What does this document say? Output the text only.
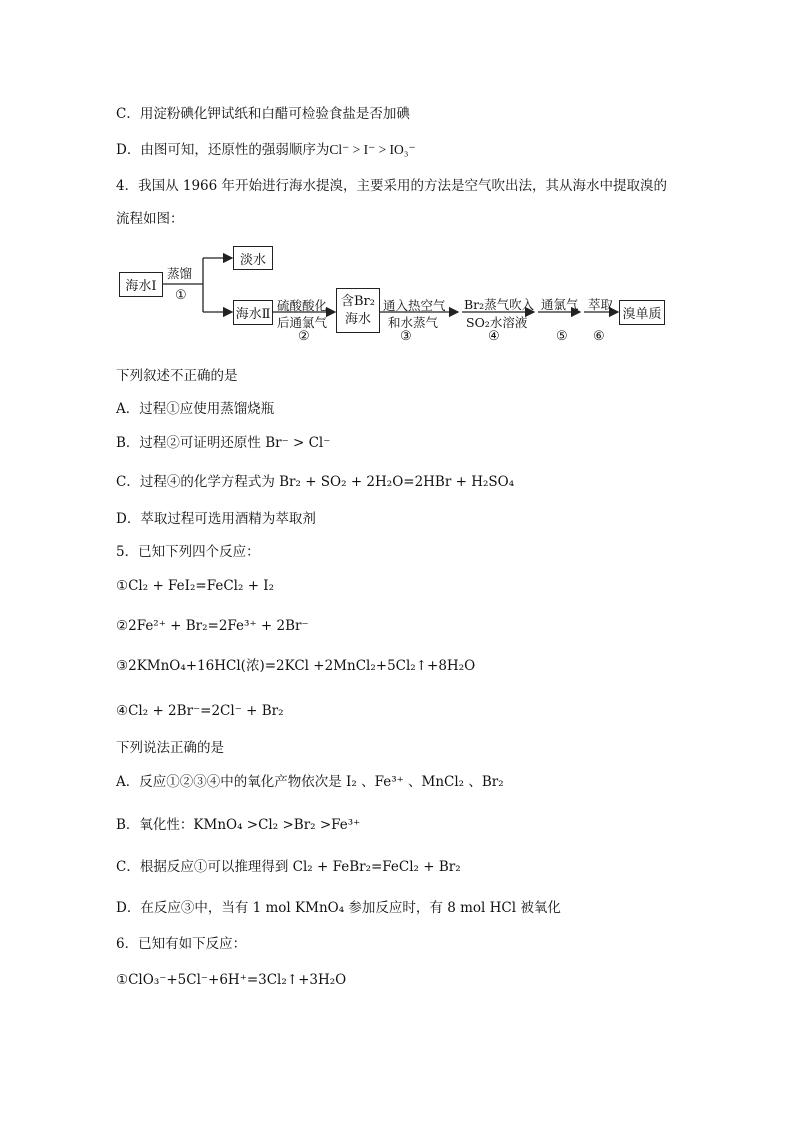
C．用淀粉碘化钾试纸和白醋可检验食盐是否加碘
D．由图可知，还原性的强弱顺序为Cl⁻ > I⁻ > IO₃⁻
4．我国从 1966 年开始进行海水提溴，主要采用的方法是空气吹出法，其从海水中提取溴的
流程如图：
海水Ⅰ
蒸馏
①
淡水
海水Ⅱ
硫酸酸化
后通氯气
②
含Br₂
海水
通入热空气
和水蒸气
③
Br₂蒸气吹入
SO₂水溶液
④
通氯气
⑤
萃取
⑥
溴单质
下列叙述不正确的是
A．过程①应使用蒸馏烧瓶
B．过程②可证明还原性 Br⁻ > Cl⁻
C．过程④的化学方程式为 Br₂ + SO₂ + 2H₂O=2HBr + H₂SO₄
D．萃取过程可选用酒精为萃取剂
5．已知下列四个反应：
①Cl₂ + FeI₂=FeCl₂ + I₂
②2Fe²⁺ + Br₂=2Fe³⁺ + 2Br⁻
③2KMnO₄+16HCl(浓)=2KCl +2MnCl₂+5Cl₂↑+8H₂O
④Cl₂ + 2Br⁻=2Cl⁻ + Br₂
下列说法正确的是
A．反应①②③④中的氧化产物依次是 I₂ 、Fe³⁺ 、MnCl₂ 、Br₂
B．氧化性：KMnO₄ >Cl₂ >Br₂ >Fe³⁺
C．根据反应①可以推理得到 Cl₂ + FeBr₂=FeCl₂ + Br₂
D．在反应③中，当有 1 mol KMnO₄ 参加反应时，有 8 mol HCl 被氧化
6．已知有如下反应：
①ClO₃⁻+5Cl⁻+6H⁺=3Cl₂↑+3H₂O
